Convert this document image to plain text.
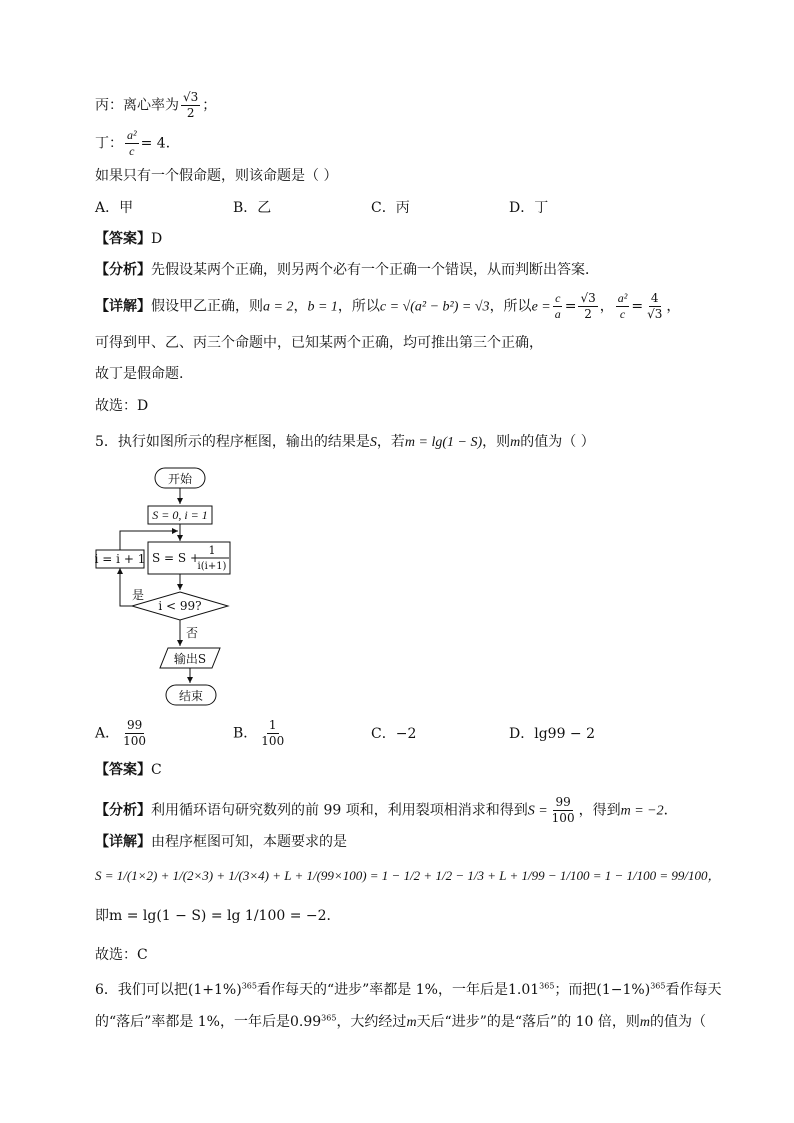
丙：离心率为 $\frac{√3}{2}$ ；
丁： $\frac{\text{a²}}{c} = 4$．
如果只有一个假命题，则该命题是（ ）
A．甲	B．乙	C．丙	D．丁
【答案】D
【分析】先假设某两个正确，则另两个必有一个正确一个错误，从而判断出答案．
【详解】假设甲乙正确，则a = 2，b = 1，所以c = √(a² − b²) = √3，所以$e = \frac{c}{a} = \frac{√3}{2}$ ， $\frac{\text{a²}}{c} = \frac{4}{√3}$ ，
可得到甲、乙、丙三个命题中，已知某两个正确，均可推出第三个正确，
故丁是假命题.
故选：D
5．执行如图所示的程序框图，输出的结果是S，若m = lg(1 − S)，则m的值为（ ）
开始
S = 0, i = 1
i = i + 1 S = S +
1
i(i+1)
i < 99?
是
否
输出S
结束
A． $\frac{99}{100}$	B． $\frac{1}{100}$	C．−2	D．lg99 − 2
【答案】C
【分析】利用循环语句研究数列的前 99 项和，利用裂项相消求和得到$S = \frac{99}{100}$ ，得到m = −2．
【详解】由程序框图可知，本题要求的是
S = 1/(1×2) + 1/(2×3) + 1/(3×4) + L + 1/(99×100) = 1 − 1/2 + 1/2 − 1/3 + L + 1/99 − 1/100 = 1 − 1/100 = 99/100，
即m = lg(1 − S) = lg 1/100 = −2．
故选：C
6．我们可以把$(1+1\%)^{365}$看作每天的“进步”率都是 1%，一年后是1.01$^{365}$；而把$(1-1\%)^{365}$看作每天
的“落后”率都是 1%，一年后是0.99$^{365}$，大约经过m天后“进步”的是“落后”的 10 倍，则m的值为（
